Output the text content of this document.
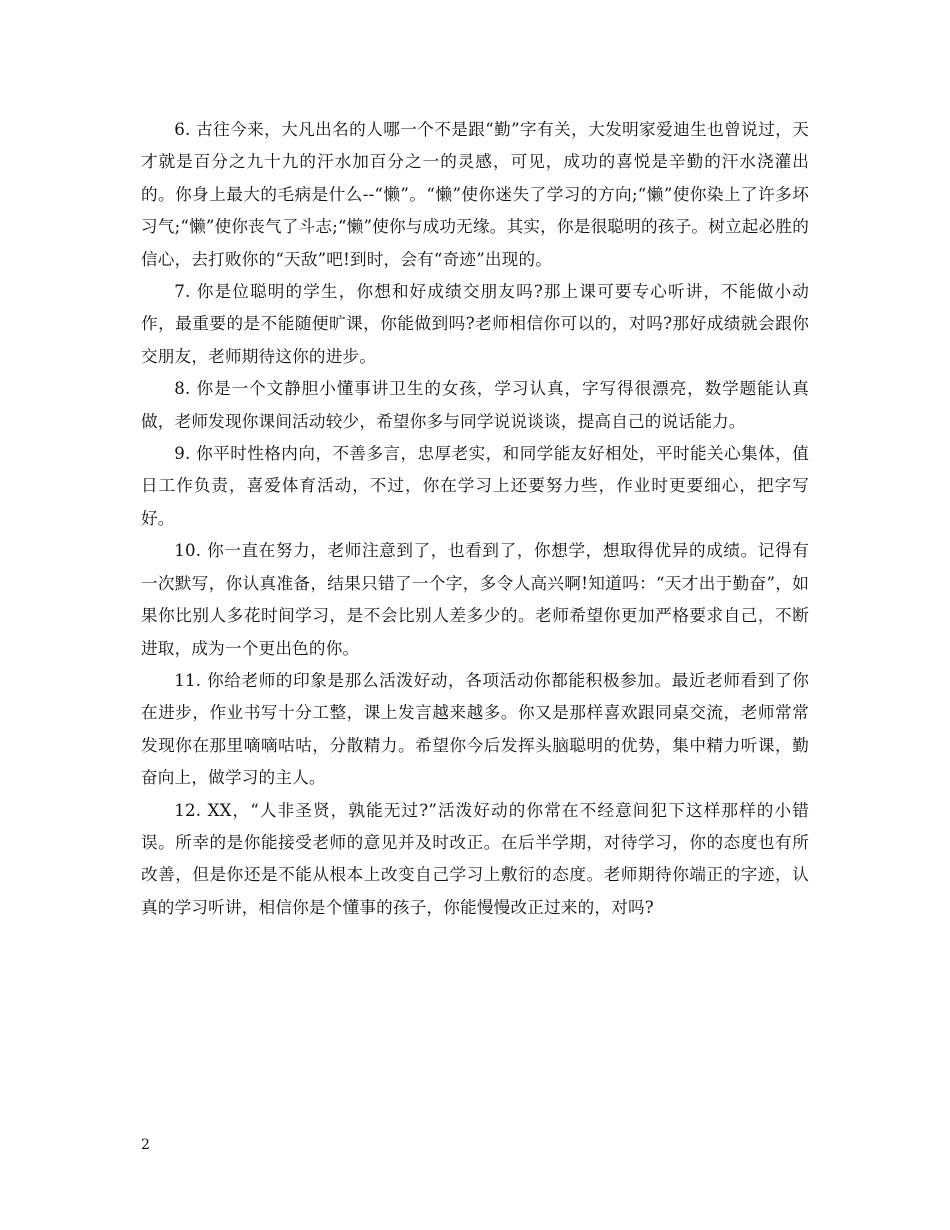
6. 古往今来，大凡出名的人哪一个不是跟“勤”字有关，大发明家爱迪生也曾说过，天才就是百分之九十九的汗水加百分之一的灵感，可见，成功的喜悦是辛勤的汗水浇灌出的。你身上最大的毛病是什么--“懒”。“懒”使你迷失了学习的方向;“懒”使你染上了许多坏习气;“懒”使你丧气了斗志;“懒”使你与成功无缘。其实，你是很聪明的孩子。树立起必胜的信心，去打败你的“天敌”吧!到时，会有“奇迹”出现的。

7. 你是位聪明的学生，你想和好成绩交朋友吗?那上课可要专心听讲，不能做小动作，最重要的是不能随便旷课，你能做到吗?老师相信你可以的，对吗?那好成绩就会跟你交朋友，老师期待这你的进步。

8. 你是一个文静胆小懂事讲卫生的女孩，学习认真，字写得很漂亮，数学题能认真做，老师发现你课间活动较少，希望你多与同学说说谈谈，提高自己的说话能力。

9. 你平时性格内向，不善多言，忠厚老实，和同学能友好相处，平时能关心集体，值日工作负责，喜爱体育活动，不过，你在学习上还要努力些，作业时更要细心，把字写好。

10. 你一直在努力，老师注意到了，也看到了，你想学，想取得优异的成绩。记得有一次默写，你认真准备，结果只错了一个字，多令人高兴啊!知道吗：“天才出于勤奋”，如果你比别人多花时间学习，是不会比别人差多少的。老师希望你更加严格要求自己，不断进取，成为一个更出色的你。

11. 你给老师的印象是那么活泼好动，各项活动你都能积极参加。最近老师看到了你在进步，作业书写十分工整，课上发言越来越多。你又是那样喜欢跟同桌交流，老师常常发现你在那里嘀嘀咕咕，分散精力。希望你今后发挥头脑聪明的优势，集中精力听课，勤奋向上，做学习的主人。

12. XX，“人非圣贤，孰能无过?”活泼好动的你常在不经意间犯下这样那样的小错误。所幸的是你能接受老师的意见并及时改正。在后半学期，对待学习，你的态度也有所改善，但是你还是不能从根本上改变自己学习上敷衍的态度。老师期待你端正的字迹，认真的学习听讲，相信你是个懂事的孩子，你能慢慢改正过来的，对吗?

2
